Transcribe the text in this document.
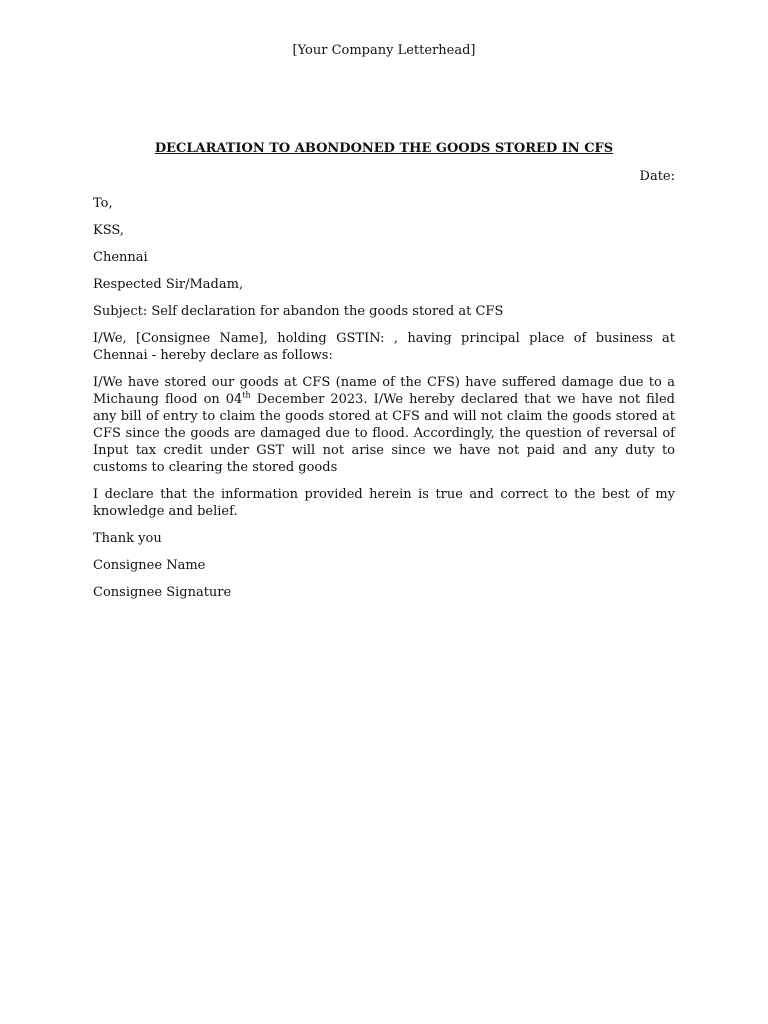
[Your Company Letterhead]
DECLARATION TO ABONDONED THE GOODS STORED IN CFS
Date:
To,
KSS,
Chennai
Respected Sir/Madam,
Subject: Self declaration for abandon the goods stored at CFS
I/We, [Consignee Name], holding GSTIN: , having principal place of business at Chennai - hereby declare as follows:
I/We have stored our goods at CFS (name of the CFS) have suffered damage due to a Michaung flood on 04th December 2023. I/We hereby declared that we have not filed any bill of entry to claim the goods stored at CFS and will not claim the goods stored at CFS since the goods are damaged due to flood. Accordingly, the question of reversal of Input tax credit under GST will not arise since we have not paid and any duty to customs to clearing the stored goods
I declare that the information provided herein is true and correct to the best of my knowledge and belief.
Thank you
Consignee Name
Consignee Signature
